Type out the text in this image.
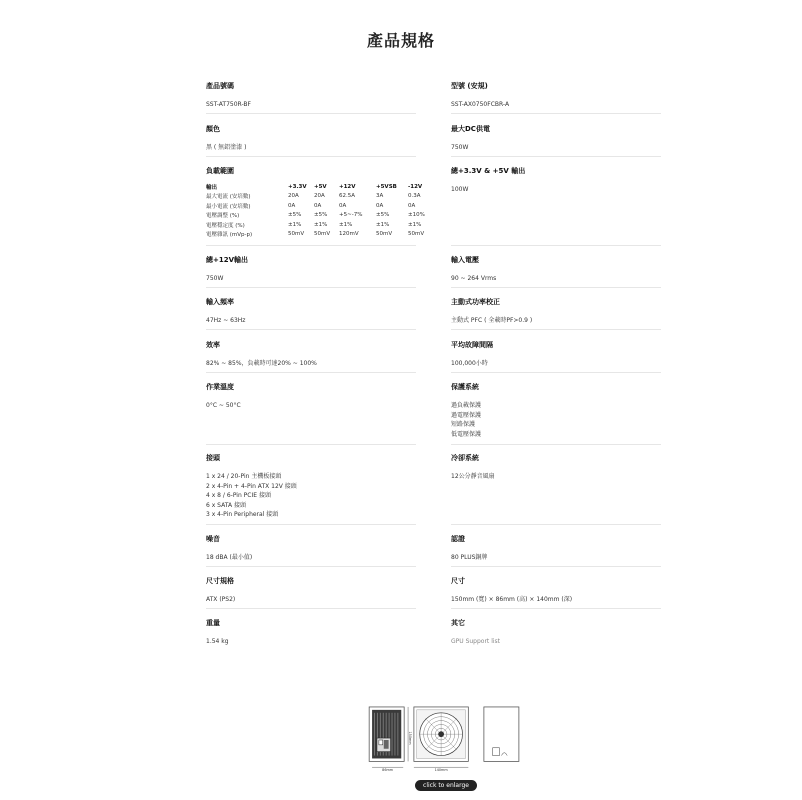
產品規格
產品號碼
SST-AT750R-BF
顏色
黑 ( 無鋁塗漆 )
負載範圍
輸出	+3.3V	+5V	+12V	+5VSB	-12V
最大電流 (安培數)	20A	20A	62.5A	3A	0.3A
最小電流 (安培數)	0A	0A	0A	0A	0A
電壓調整 (%)	±5%	±5%	+5~-7%	±5%	±10%
電壓穩定度 (%)	±1%	±1%	±1%	±1%	±1%
電壓雜訊 (mVp-p)	50mV	50mV	120mV	50mV	50mV
總+12V輸出
750W
輸入頻率
47Hz ~ 63Hz
效率
82% ~ 85%，負載時可達20% ~ 100%
作業溫度
0°C ~ 50°C
接頭
1 x 24 / 20-Pin 主機板接頭
2 x 4-Pin + 4-Pin ATX 12V 接頭
4 x 8 / 6-Pin PCIE 接頭
6 x SATA 接頭
3 x 4-Pin Peripheral 接頭
噪音
18 dBA (最小值)
尺寸規格
ATX (PS2)
重量
1.54 kg
型號 (安規)
SST-AX0750FCBR-A
最大DC供電
750W
總+3.3V & +5V 輸出
100W
輸入電壓
90 ~ 264 Vrms
主動式功率校正
主動式 PFC ( 全載時PF>0.9 )
平均故障間隔
100,000小時
保護系統
過負載保護
過電壓保護
短路保護
低電壓保護
冷卻系統
12公分靜音風扇
認證
80 PLUS銅牌
尺寸
150mm (寬) × 86mm (高) × 140mm (深)
其它
GPU Support list
86mm
150mm
140mm
click to enlarge
